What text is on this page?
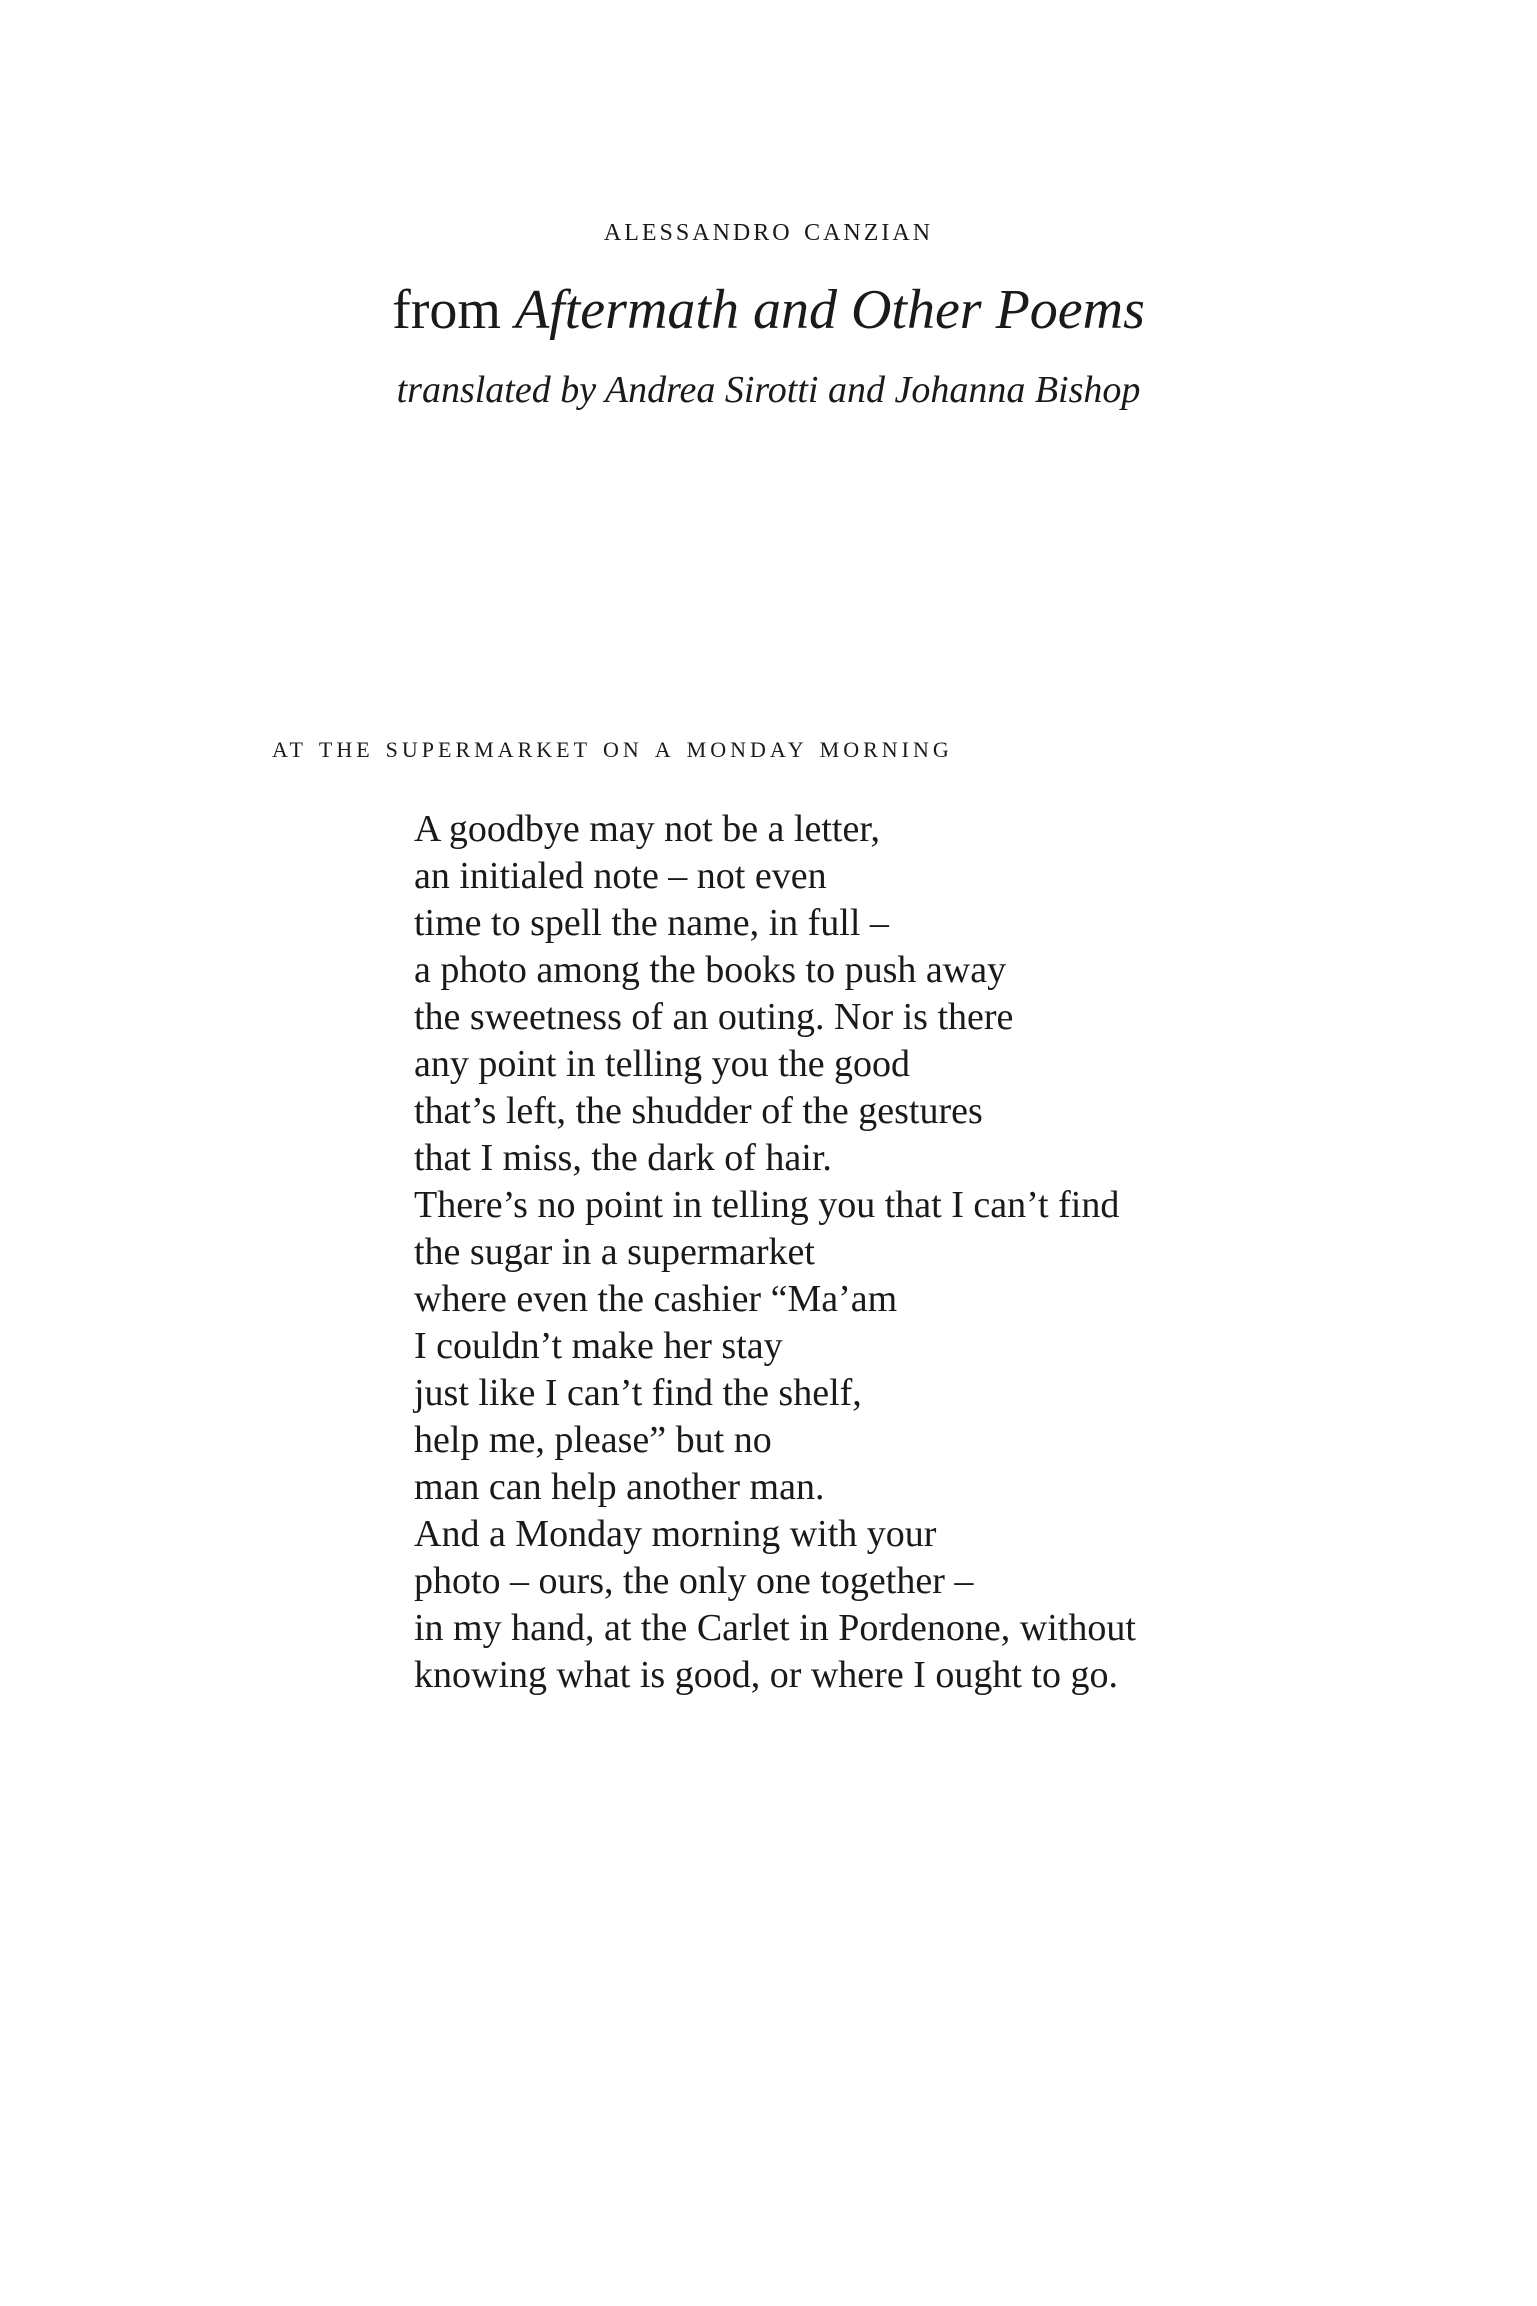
alessandro canzian
from Aftermath and Other Poems
translated by Andrea Sirotti and Johanna Bishop
at the supermarket on a monday morning
A goodbye may not be a letter,
an initialed note – not even
time to spell the name, in full –
a photo among the books to push away
the sweetness of an outing. Nor is there
any point in telling you the good
that’s left, the shudder of the gestures
that I miss, the dark of hair.
There’s no point in telling you that I can’t find
the sugar in a supermarket
where even the cashier “Ma’am
I couldn’t make her stay
just like I can’t find the shelf,
help me, please” but no
man can help another man.
And a Monday morning with your
photo – ours, the only one together –
in my hand, at the Carlet in Pordenone, without
knowing what is good, or where I ought to go.
